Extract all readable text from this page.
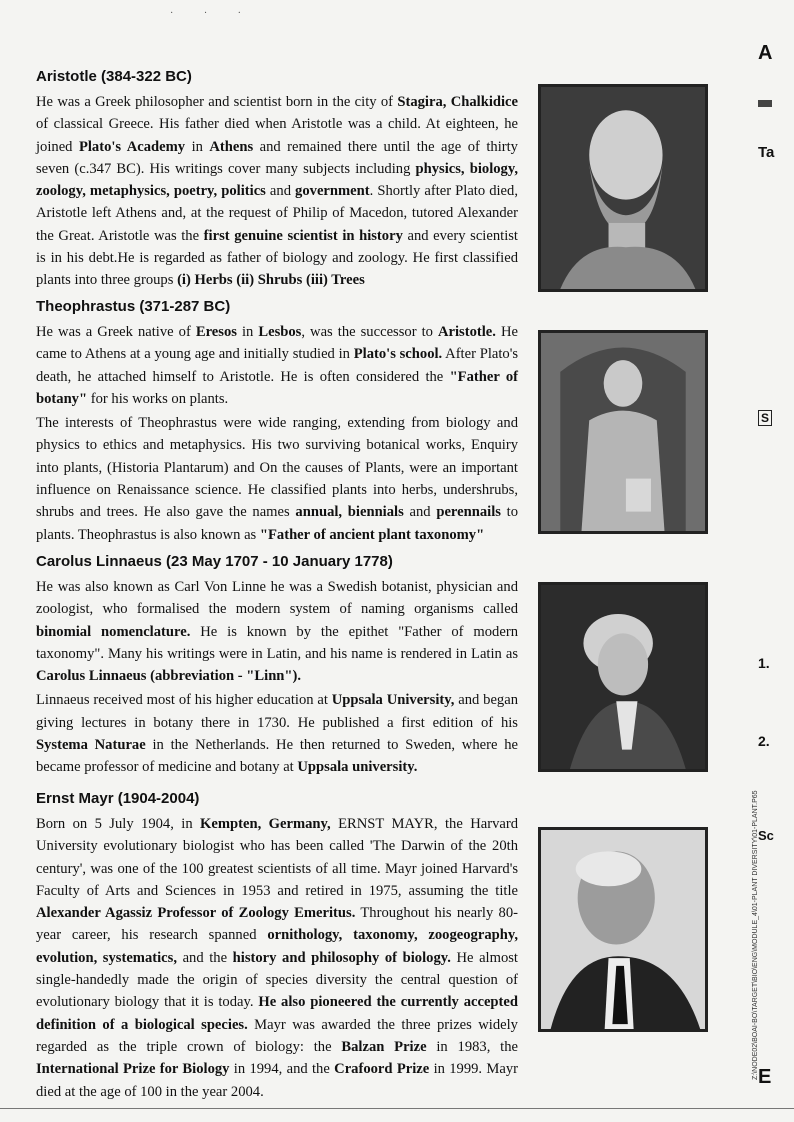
· · ·
Aristotle (384-322 BC)

He was a Greek philosopher and scientist born in the city of Stagira, Chalkidice of classical Greece. His father died when Aristotle was a child. At eighteen, he joined Plato's Academy in Athens and remained there until the age of thirty seven (c.347 BC). His writings cover many subjects including physics, biology, zoology, metaphysics, poetry, politics and government. Shortly after Plato died, Aristotle left Athens and, at the request of Philip of Macedon, tutored Alexander the Great. Aristotle was the first genuine scientist in history and every scientist is in his debt.He is regarded as father of biology and zoology. He first classified plants into three groups (i) Herbs (ii) Shrubs (iii) Trees

Theophrastus (371-287 BC)

He was a Greek native of Eresos in Lesbos, was the successor to Aristotle. He came to Athens at a young age and initially studied in Plato's school. After Plato's death, he attached himself to Aristotle. He is often considered the "Father of botany" for his works on plants.

The interests of Theophrastus were wide ranging, extending from biology and physics to ethics and metaphysics. His two surviving botanical works, Enquiry into plants, (Historia Plantarum) and On the causes of Plants, were an important influence on Renaissance science. He classified plants into herbs, undershrubs, shrubs and trees. He also gave the names annual, biennials and perennails to plants. Theophrastus is also known as "Father of ancient plant taxonomy"

Carolus Linnaeus (23 May 1707 - 10 January 1778)

He was also known as Carl Von Linne he was a Swedish botanist, physician and zoologist, who formalised the modern system of naming organisms called binomial nomenclature. He is known by the epithet "Father of modern taxonomy". Many his writings were in Latin, and his name is rendered in Latin as Carolus Linnaeus (abbreviation - "Linn").

Linnaeus received most of his higher education at Uppsala University, and began giving lectures in botany there in 1730. He published a first edition of his Systema Naturae in the Netherlands. He then returned to Sweden, where he became professor of medicine and botany at Uppsala university.

Ernst Mayr (1904-2004)

Born on 5 July 1904, in Kempten, Germany, ERNST MAYR, the Harvard University evolutionary biologist who has been called 'The Darwin of the 20th century', was one of the 100 greatest scientists of all time. Mayr joined Harvard's Faculty of Arts and Sciences in 1953 and retired in 1975, assuming the title Alexander Agassiz Professor of Zoology Emeritus. Throughout his nearly 80-year career, his research spanned ornithology, taxonomy, zoogeography, evolution, systematics, and the history and philosophy of biology. He almost single-handedly made the origin of species diversity the central question of evolutionary biology that it is today. He also pioneered the currently accepted definition of a biological species. Mayr was awarded the three prizes widely regarded as the triple crown of biology: the Balzan Prize in 1983, the International Prize for Biology in 1994, and the Crafoord Prize in 1999. Mayr died at the age of 100 in the year 2004.

A
Ta
S
1.
2.
Sc
E
Z:\NODE02\BOAI-BO\TARGET\BIO\ENG\MODULE_4\01-PLANT DIVERSITY\01-PLANT.P65
